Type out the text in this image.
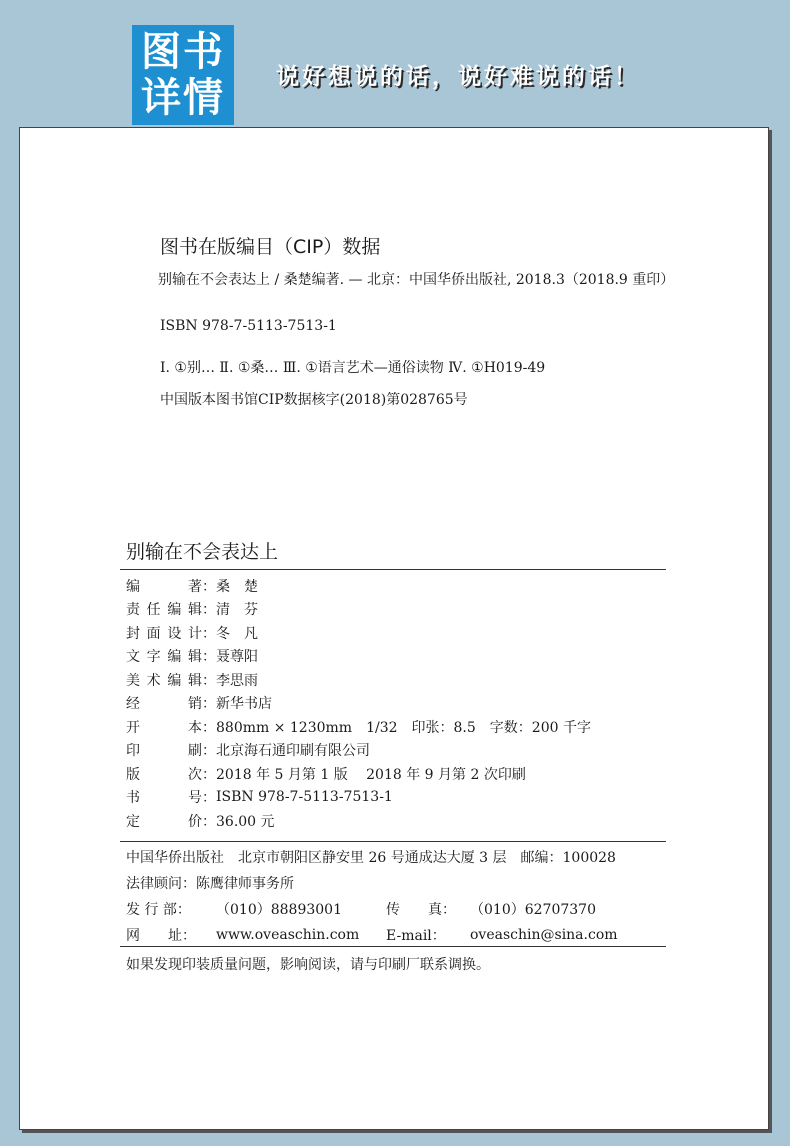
图书
详情 说好想说的话，说好难说的话！
图书在版编目（CIP）数据
别输在不会表达上 / 桑楚编著. — 北京：中国华侨出版社, 2018.3（2018.9 重印）
ISBN 978-7-5113-7513-1
Ⅰ. ①别… Ⅱ. ①桑… Ⅲ. ①语言艺术—通俗读物 Ⅳ. ①H019-49
中国版本图书馆CIP数据核字(2018)第028765号
别输在不会表达上
编著 ： 桑　楚
责任编辑 ： 清　芬
封面设计 ： 冬　凡
文字编辑 ： 聂尊阳
美术编辑 ： 李思雨
经销 ： 新华书店
开本 ： 880mm × 1230mm　1/32　印张：8.5　字数：200 千字
印刷 ： 北京海石通印刷有限公司
版次 ： 2018 年 5 月第 1 版　 2018 年 9 月第 2 次印刷
书号 ： ISBN 978-7-5113-7513-1
定价 ： 36.00 元
中国华侨出版社　北京市朝阳区静安里 26 号通成达大厦 3 层　邮编：100028
法律顾问： 陈鹰律师事务所
发 行 部：	（010）88893001	传　　真：	（010）62707370
网　　址：	www.oveaschin.com	E-mail：	oveaschin@sina.com
如果发现印装质量问题，影响阅读，请与印刷厂联系调换。
